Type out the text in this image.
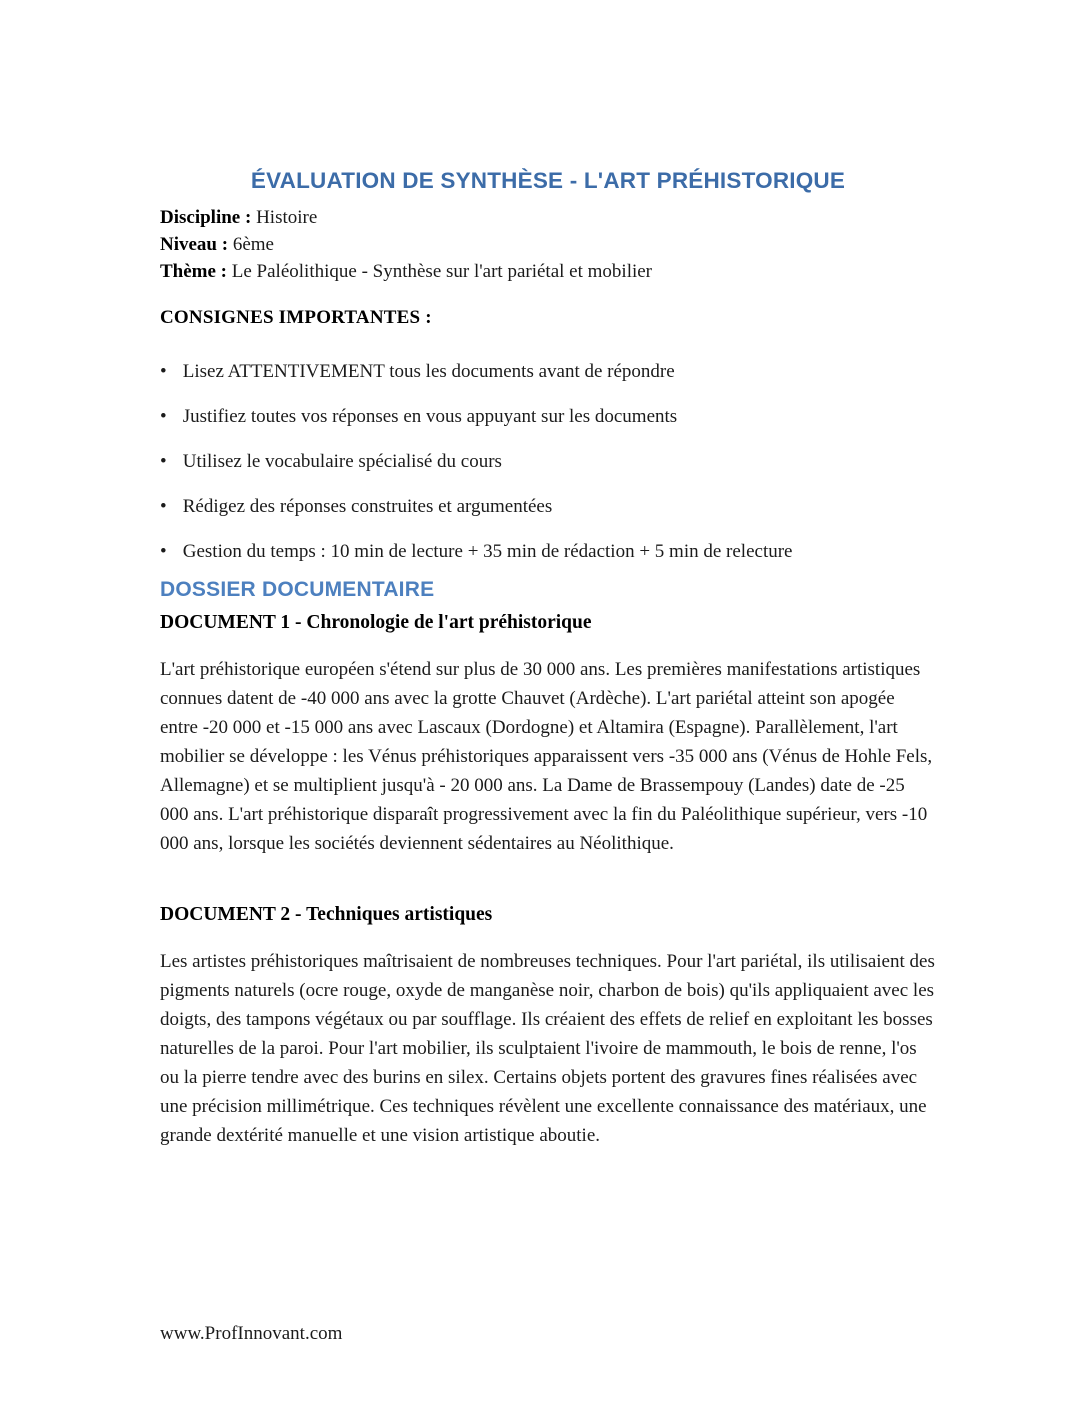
ÉVALUATION DE SYNTHÈSE - L'ART PRÉHISTORIQUE

Discipline : Histoire

Niveau : 6ème

Thème : Le Paléolithique - Synthèse sur l'art pariétal et mobilier

CONSIGNES IMPORTANTES :

• Lisez ATTENTIVEMENT tous les documents avant de répondre

• Justifiez toutes vos réponses en vous appuyant sur les documents

• Utilisez le vocabulaire spécialisé du cours

• Rédigez des réponses construites et argumentées

• Gestion du temps : 10 min de lecture + 35 min de rédaction + 5 min de relecture

DOSSIER DOCUMENTAIRE
DOCUMENT 1 - Chronologie de l'art préhistorique

L'art préhistorique européen s'étend sur plus de 30 000 ans. Les premières manifestations artistiques connues datent de -40 000 ans avec la grotte Chauvet (Ardèche). L'art pariétal atteint son apogée entre -20 000 et -15 000 ans avec Lascaux (Dordogne) et Altamira (Espagne). Parallèlement, l'art mobilier se développe : les Vénus préhistoriques apparaissent vers -35 000 ans (Vénus de Hohle Fels, Allemagne) et se multiplient jusqu'à - 20 000 ans. La Dame de Brassempouy (Landes) date de -25 000 ans. L'art préhistorique disparaît progressivement avec la fin du Paléolithique supérieur, vers -10 000 ans, lorsque les sociétés deviennent sédentaires au Néolithique.

DOCUMENT 2 - Techniques artistiques

Les artistes préhistoriques maîtrisaient de nombreuses techniques. Pour l'art pariétal, ils utilisaient des pigments naturels (ocre rouge, oxyde de manganèse noir, charbon de bois) qu'ils appliquaient avec les doigts, des tampons végétaux ou par soufflage. Ils créaient des effets de relief en exploitant les bosses naturelles de la paroi. Pour l'art mobilier, ils sculptaient l'ivoire de mammouth, le bois de renne, l'os ou la pierre tendre avec des burins en silex. Certains objets portent des gravures fines réalisées avec une précision millimétrique. Ces techniques révèlent une excellente connaissance des matériaux, une grande dextérité manuelle et une vision artistique aboutie.

www.ProfInnovant.com
